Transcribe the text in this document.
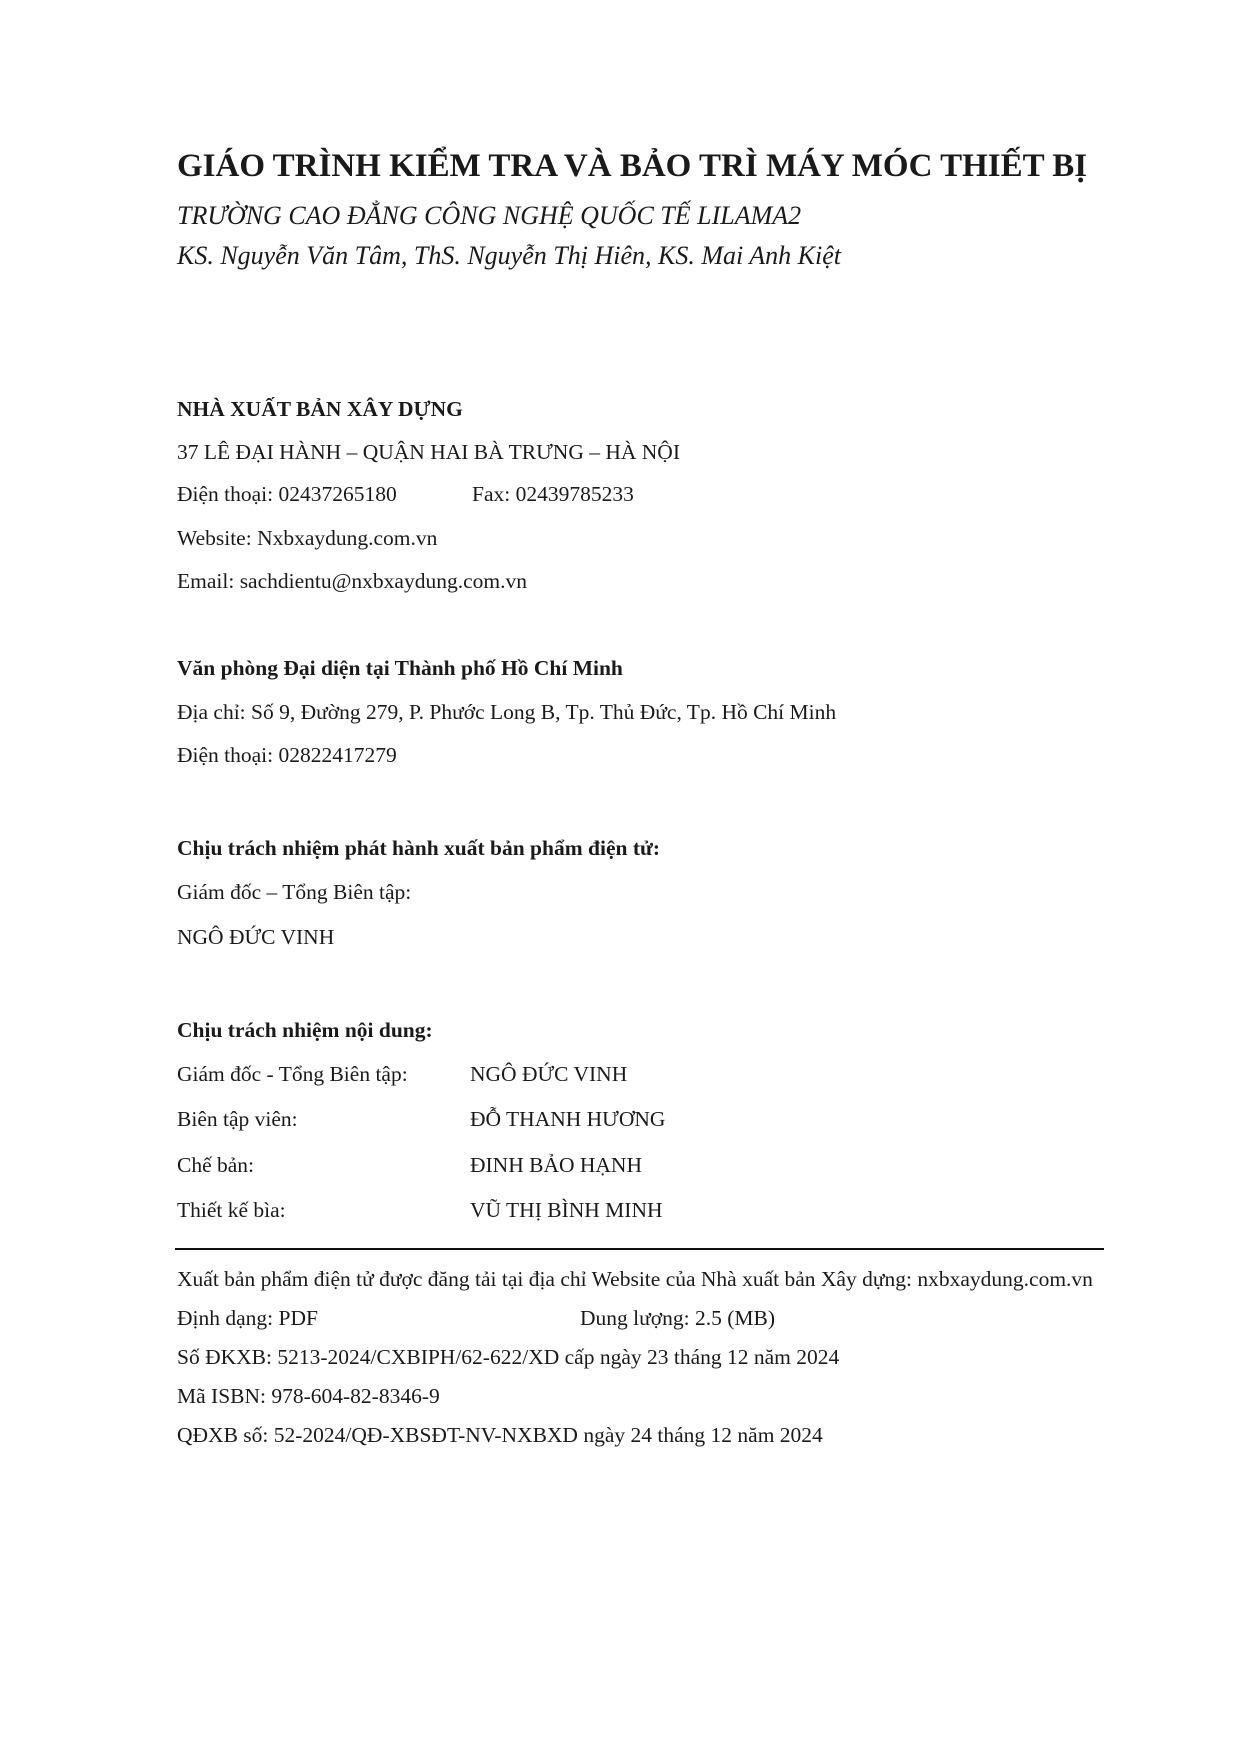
GIÁO TRÌNH KIỂM TRA VÀ BẢO TRÌ MÁY MÓC THIẾT BỊ
TRƯỜNG CAO ĐẲNG CÔNG NGHỆ QUỐC TẾ LILAMA2
KS. Nguyễn Văn Tâm, ThS. Nguyễn Thị Hiên, KS. Mai Anh Kiệt
NHÀ XUẤT BẢN XÂY DỰNG
37 LÊ ĐẠI HÀNH – QUẬN HAI BÀ TRƯNG – HÀ NỘI
Điện thoại: 02437265180	Fax: 02439785233
Website: Nxbxaydung.com.vn
Email: sachdientu@nxbxaydung.com.vn
Văn phòng Đại diện tại Thành phố Hồ Chí Minh
Địa chỉ: Số 9, Đường 279, P. Phước Long B, Tp. Thủ Đức, Tp. Hồ Chí Minh
Điện thoại: 02822417279
Chịu trách nhiệm phát hành xuất bản phẩm điện tử:
Giám đốc – Tổng Biên tập:
NGÔ ĐỨC VINH
Chịu trách nhiệm nội dung:
Giám đốc - Tổng Biên tập:	NGÔ ĐỨC VINH
Biên tập viên:	ĐỖ THANH HƯƠNG
Chế bản:	ĐINH BẢO HẠNH
Thiết kế bìa:	VŨ THỊ BÌNH MINH
Xuất bản phẩm điện tử được đăng tải tại địa chỉ Website của Nhà xuất bản Xây dựng: nxbxaydung.com.vn
Định dạng: PDF	Dung lượng: 2.5 (MB)
Số ĐKXB: 5213-2024/CXBIPH/62-622/XD cấp ngày 23 tháng 12 năm 2024
Mã ISBN: 978-604-82-8346-9
QĐXB số: 52-2024/QĐ-XBSĐT-NV-NXBXD ngày 24 tháng 12 năm 2024
